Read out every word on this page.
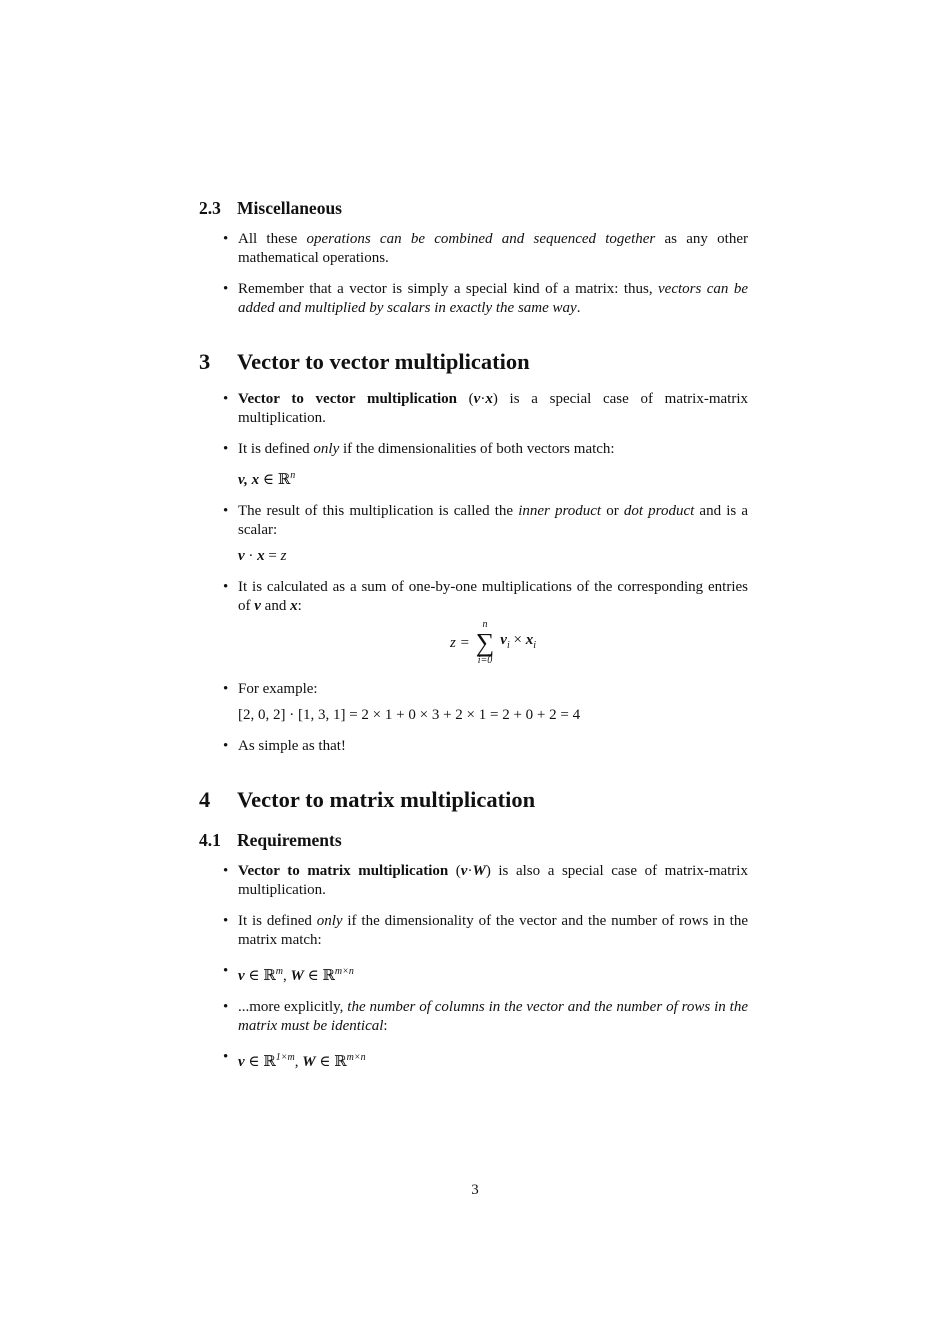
2.3 Miscellaneous
• All these operations can be combined and sequenced together as any other mathematical operations.
• Remember that a vector is simply a special kind of a matrix: thus, vectors can be added and multiplied by scalars in exactly the same way.
3 Vector to vector multiplication
• Vector to vector multiplication (v·x) is a special case of matrix-matrix multiplication.
• It is defined only if the dimensionalities of both vectors match:
v, x ∈ ℝ$^n$
• The result of this multiplication is called the inner product or dot product and is a scalar:
v · x = z
• It is calculated as a sum of one-by-one multiplications of the corresponding entries of v and x:
z =
n
∑
i=0
$v_i \times x_i$
• For example:
[2, 0, 2] · [1, 3, 1] = 2 × 1 + 0 × 3 + 2 × 1 = 2 + 0 + 2 = 4
• As simple as that!
4 Vector to matrix multiplication
4.1 Requirements
• Vector to matrix multiplication (v·W) is also a special case of matrix-matrix multiplication.
• It is defined only if the dimensionality of the vector and the number of rows in the matrix match:
• v ∈ ℝ$^m$, W ∈ ℝ$^{m\times n}$
• ...more explicitly, the number of columns in the vector and the number of rows in the matrix must be identical:
• v ∈ ℝ$^{1\times m}$, W ∈ ℝ$^{m\times n}$
3
